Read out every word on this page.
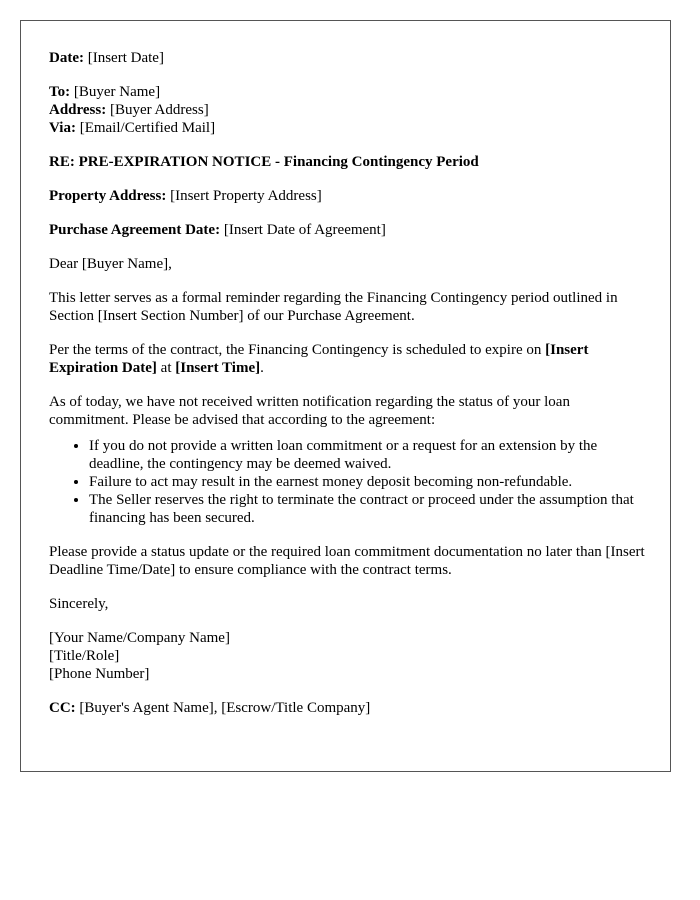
Date: [Insert Date]

To: [Buyer Name]

Address: [Buyer Address]

Via: [Email/Certified Mail]

RE: PRE-EXPIRATION NOTICE - Financing Contingency Period

Property Address: [Insert Property Address]

Purchase Agreement Date: [Insert Date of Agreement]

Dear [Buyer Name],

This letter serves as a formal reminder regarding the Financing Contingency period outlined in Section [Insert Section Number] of our Purchase Agreement.

Per the terms of the contract, the Financing Contingency is scheduled to expire on [Insert Expiration Date] at [Insert Time].

As of today, we have not received written notification regarding the status of your loan commitment. Please be advised that according to the agreement:

• If you do not provide a written loan commitment or a request for an extension by the deadline, the contingency may be deemed waived.
• Failure to act may result in the earnest money deposit becoming non-refundable.
• The Seller reserves the right to terminate the contract or proceed under the assumption that financing has been secured.

Please provide a status update or the required loan commitment documentation no later than [Insert Deadline Time/Date] to ensure compliance with the contract terms.

Sincerely,

[Your Name/Company Name]
[Title/Role]
[Phone Number]

CC: [Buyer's Agent Name], [Escrow/Title Company]
